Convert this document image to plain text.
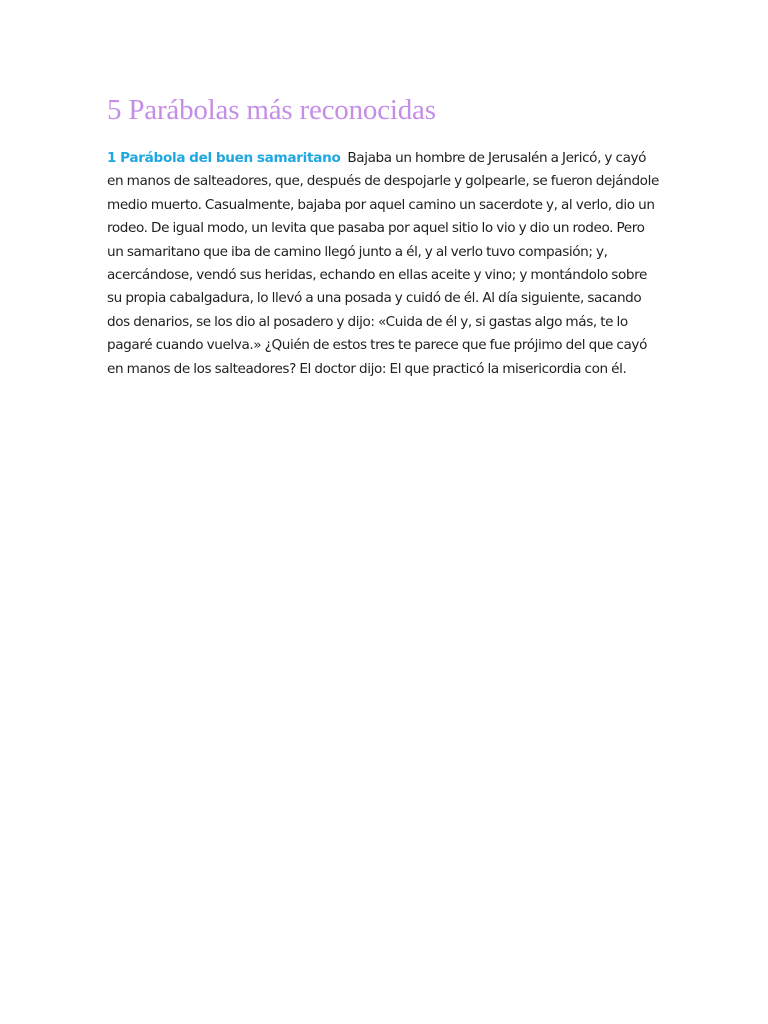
5 Parábolas más reconocidas

1 Parábola del buen samaritano Bajaba un hombre de Jerusalén a Jericó, y cayó en manos de salteadores, que, después de despojarle y golpearle, se fueron dejándole medio muerto. Casualmente, bajaba por aquel camino un sacerdote y, al verlo, dio un rodeo. De igual modo, un levita que pasaba por aquel sitio lo vio y dio un rodeo. Pero un samaritano que iba de camino llegó junto a él, y al verlo tuvo compasión; y, acercándose, vendó sus heridas, echando en ellas aceite y vino; y montándolo sobre su propia cabalgadura, lo llevó a una posada y cuidó de él. Al día siguiente, sacando dos denarios, se los dio al posadero y dijo: «Cuida de él y, si gastas algo más, te lo pagaré cuando vuelva.» ¿Quién de estos tres te parece que fue prójimo del que cayó en manos de los salteadores? El doctor dijo: El que practicó la misericordia con él.
